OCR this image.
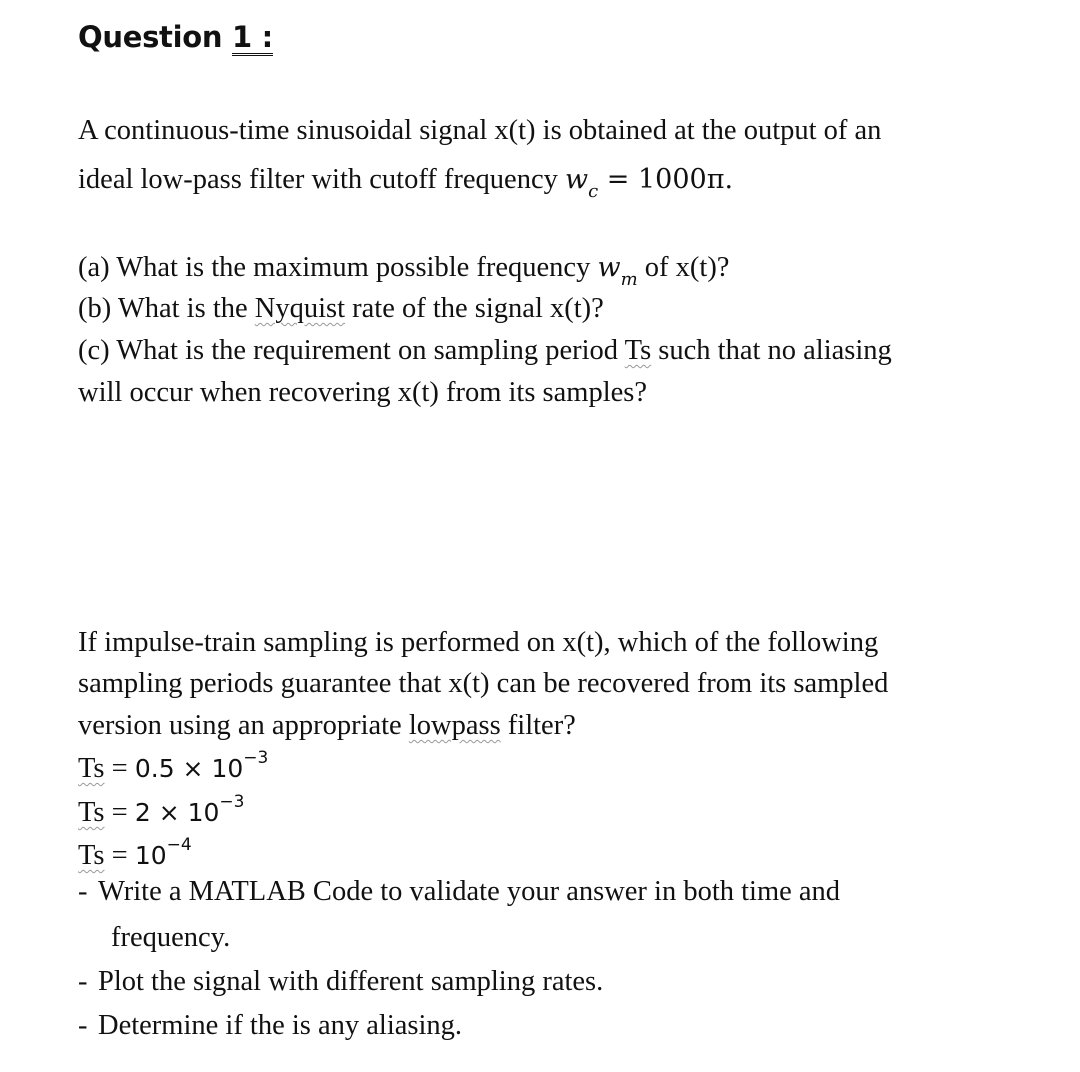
Question 1 :

A continuous-time sinusoidal signal x(t) is obtained at the output of an

ideal low-pass filter with cutoff frequency $w_c = 1000\pi$.

(a) What is the maximum possible frequency $w_m$ of x(t)?

(b) What is the Nyquist rate of the signal x(t)?

(c) What is the requirement on sampling period Ts such that no aliasing

will occur when recovering x(t) from its samples?

If impulse-train sampling is performed on x(t), which of the following

sampling periods guarantee that x(t) can be recovered from its sampled

version using an appropriate lowpass filter?

$Ts = 0.5 \times 10^{-3}$

$Ts = 2 \times 10^{-3}$

$Ts = 10^{-4}$

- Write a MATLAB Code to validate your answer in both time and

frequency.

- Plot the signal with different sampling rates.

- Determine if the is any aliasing.
